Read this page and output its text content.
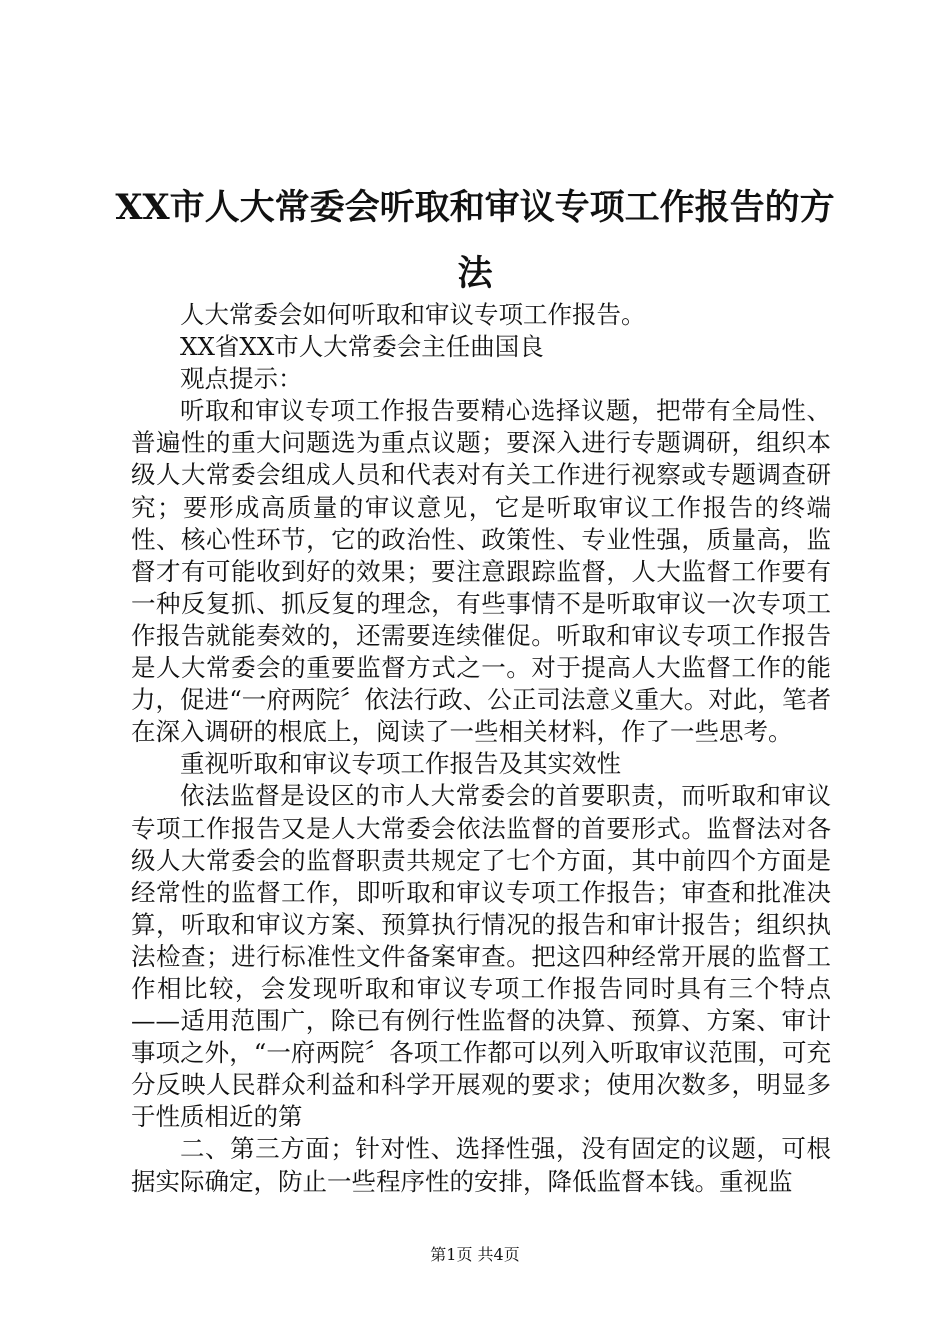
XX市人大常委会听取和审议专项工作报告的方法

人大常委会如何听取和审议专项工作报告。

XX省XX市人大常委会主任曲国良

观点提示：

听取和审议专项工作报告要精心选择议题，把带有全局性、普遍性的重大问题选为重点议题；要深入进行专题调研，组织本级人大常委会组成人员和代表对有关工作进行视察或专题调查研究；要形成高质量的审议意见，它是听取审议工作报告的终端性、核心性环节，它的政治性、政策性、专业性强，质量高，监督才有可能收到好的效果；要注意跟踪监督，人大监督工作要有一种反复抓、抓反复的理念，有些事情不是听取审议一次专项工作报告就能奏效的，还需要连续催促。听取和审议专项工作报告是人大常委会的重要监督方式之一。对于提高人大监督工作的能力，促进“一府两院〞依法行政、公正司法意义重大。对此，笔者在深入调研的根底上，阅读了一些相关材料，作了一些思考。

重视听取和审议专项工作报告及其实效性

依法监督是设区的市人大常委会的首要职责，而听取和审议专项工作报告又是人大常委会依法监督的首要形式。监督法对各级人大常委会的监督职责共规定了七个方面，其中前四个方面是经常性的监督工作，即听取和审议专项工作报告；审查和批准决算，听取和审议方案、预算执行情况的报告和审计报告；组织执法检查；进行标准性文件备案审查。把这四种经常开展的监督工作相比较，会发现听取和审议专项工作报告同时具有三个特点——适用范围广，除已有例行性监督的决算、预算、方案、审计事项之外，“一府两院〞各项工作都可以列入听取审议范围，可充分反映人民群众利益和科学开展观的要求；使用次数多，明显多于性质相近的第

二、第三方面；针对性、选择性强，没有固定的议题，可根据实际确定，防止一些程序性的安排，降低监督本钱。重视监

第1页 共4页
